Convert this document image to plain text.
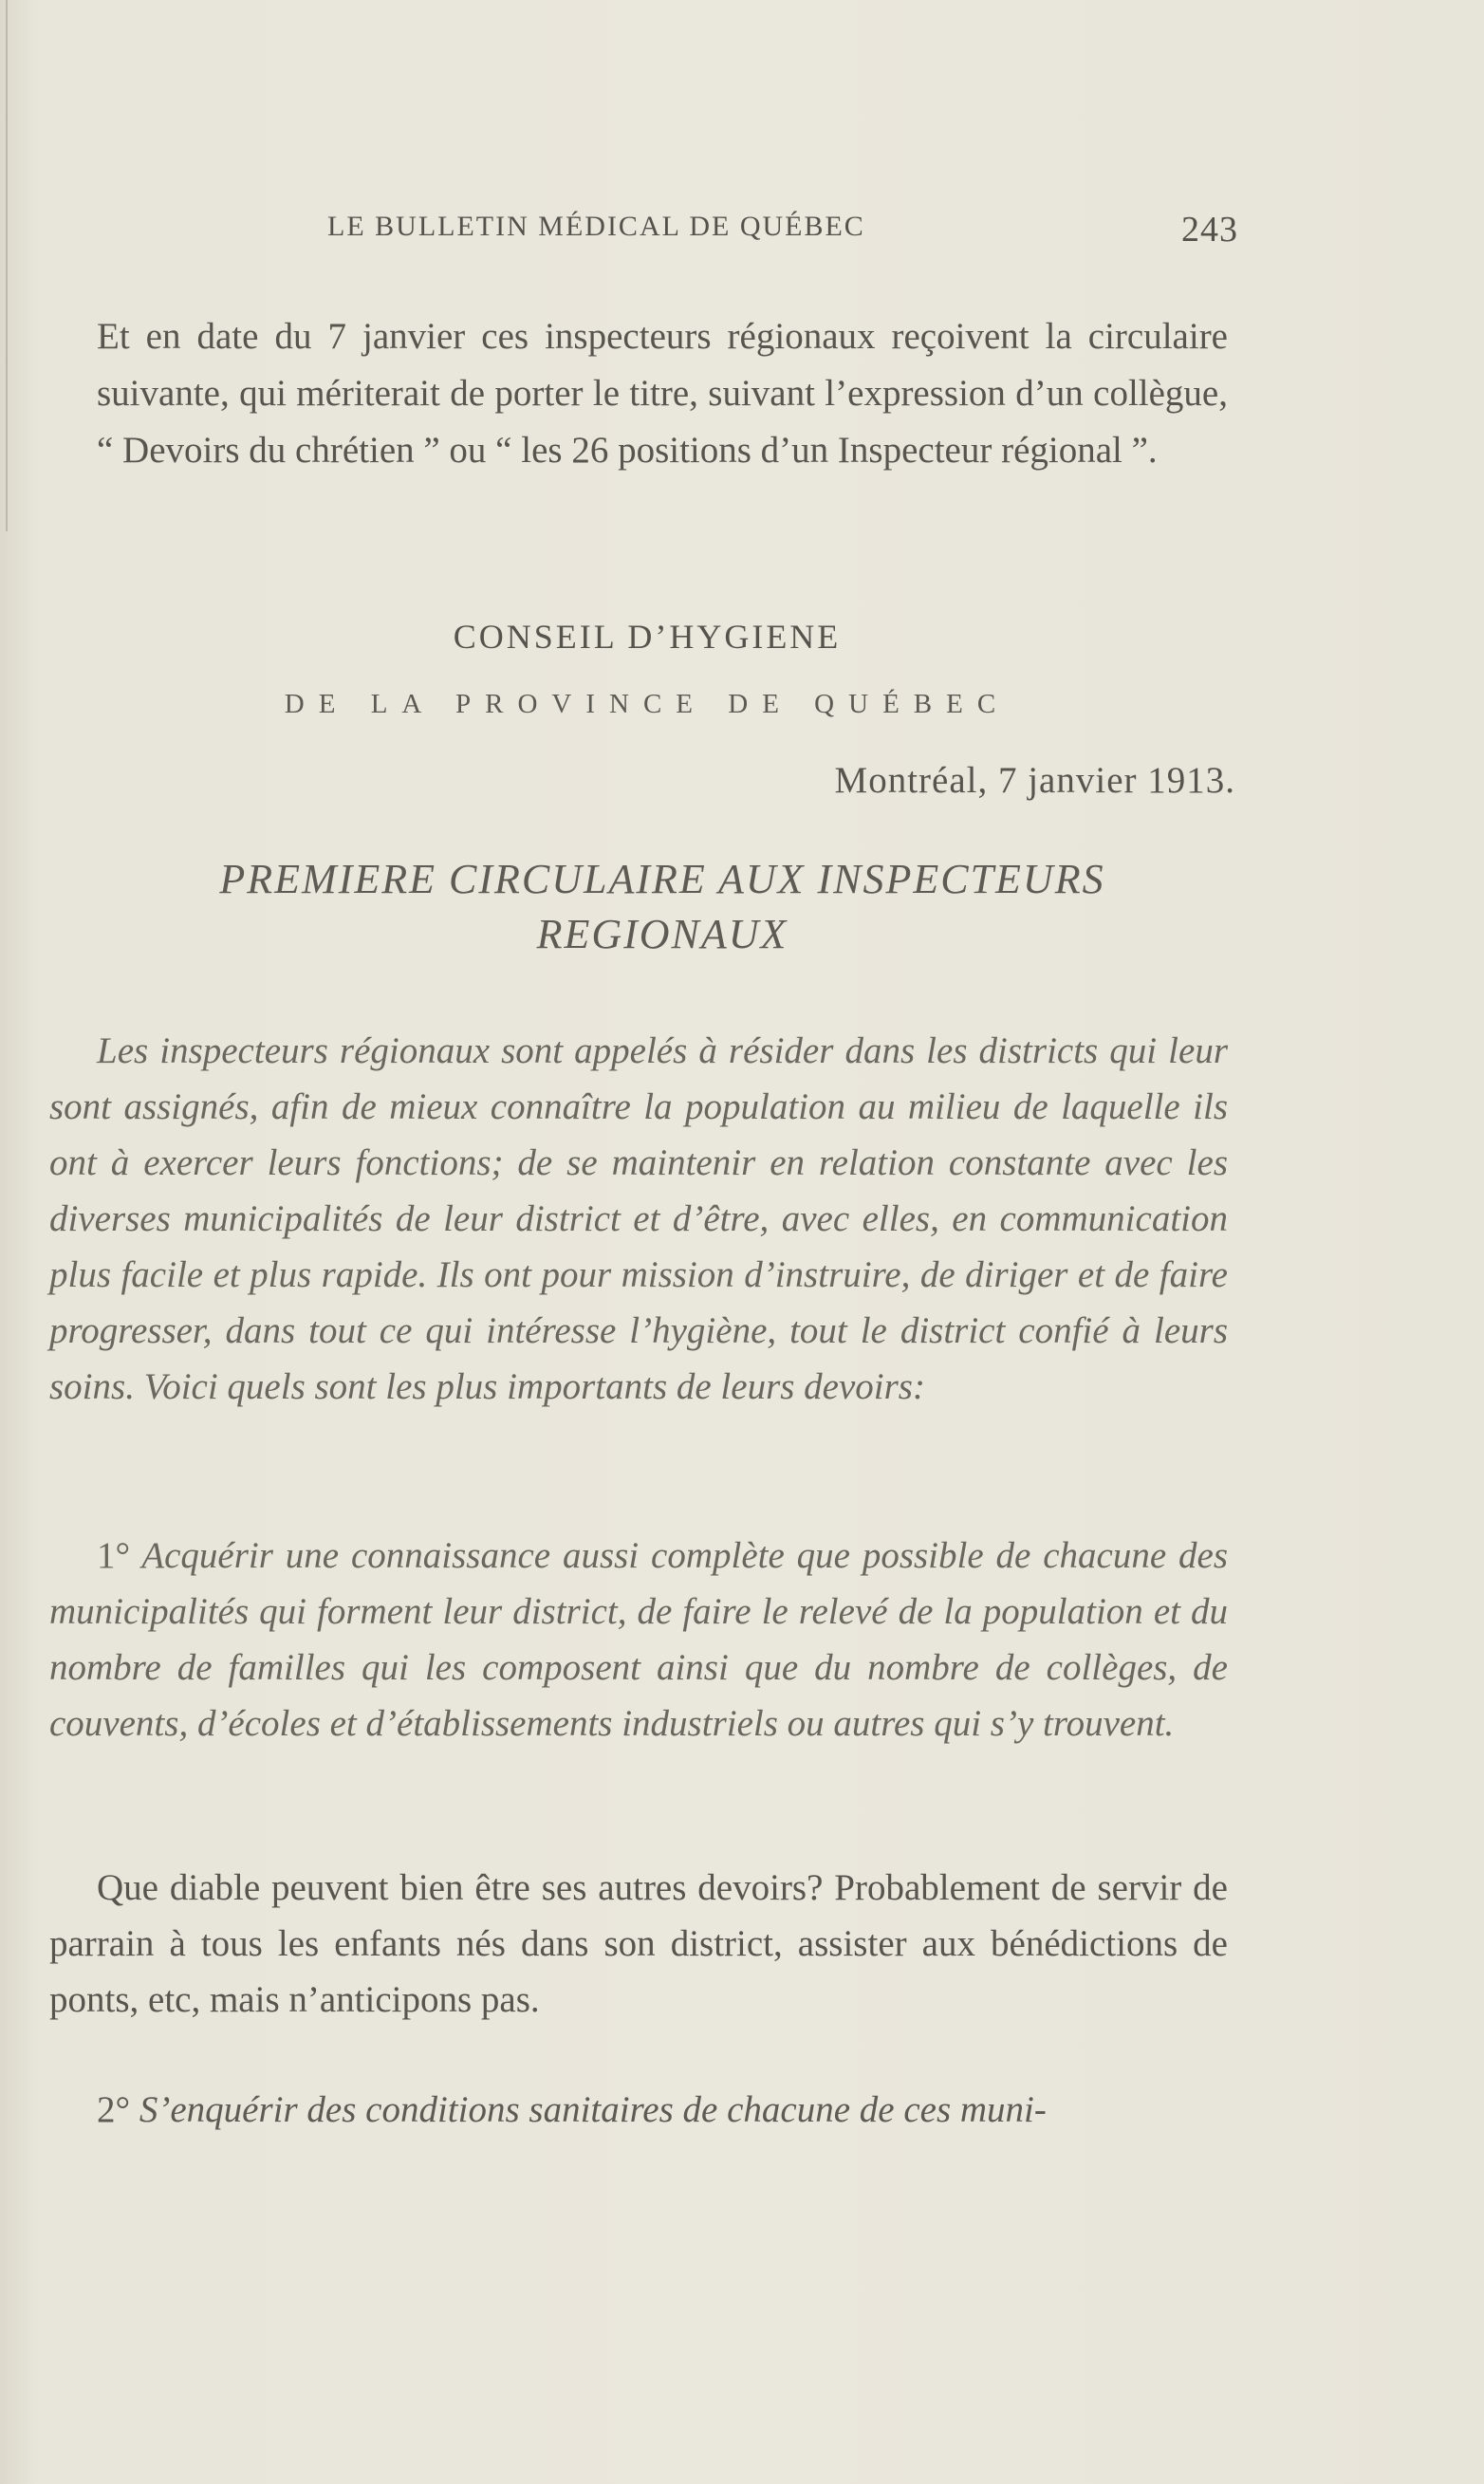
LE BULLETIN MÉDICAL DE QUÉBEC	243
Et en date du 7 janvier ces inspecteurs régionaux reçoivent la circulaire suivante, qui mériterait de porter le titre, suivant l’expression d’un collègue, “ Devoirs du chrétien ” ou “ les 26 positions d’un Inspecteur régional ”.
CONSEIL D’HYGIENE
DE LA PROVINCE DE QUÉBEC
Montréal, 7 janvier 1913.
PREMIERE CIRCULAIRE AUX INSPECTEURS REGIONAUX
Les inspecteurs régionaux sont appelés à résider dans les districts qui leur sont assignés, afin de mieux connaître la population au milieu de laquelle ils ont à exercer leurs fonctions; de se maintenir en relation constante avec les diverses municipalités de leur district et d’être, avec elles, en communication plus facile et plus rapide. Ils ont pour mission d’instruire, de diriger et de faire progresser, dans tout ce qui intéresse l’hygiène, tout le district confié à leurs soins. Voici quels sont les plus importants de leurs devoirs:
1° Acquérir une connaissance aussi complète que possible de chacune des municipalités qui forment leur district, de faire le relevé de la population et du nombre de familles qui les composent ainsi que du nombre de collèges, de couvents, d’écoles et d’établissements industriels ou autres qui s’y trouvent.
Que diable peuvent bien être ses autres devoirs? Probablement de servir de parrain à tous les enfants nés dans son district, assister aux bénédictions de ponts, etc, mais n’anticipons pas.
2° S’enquérir des conditions sanitaires de chacune de ces muni-
